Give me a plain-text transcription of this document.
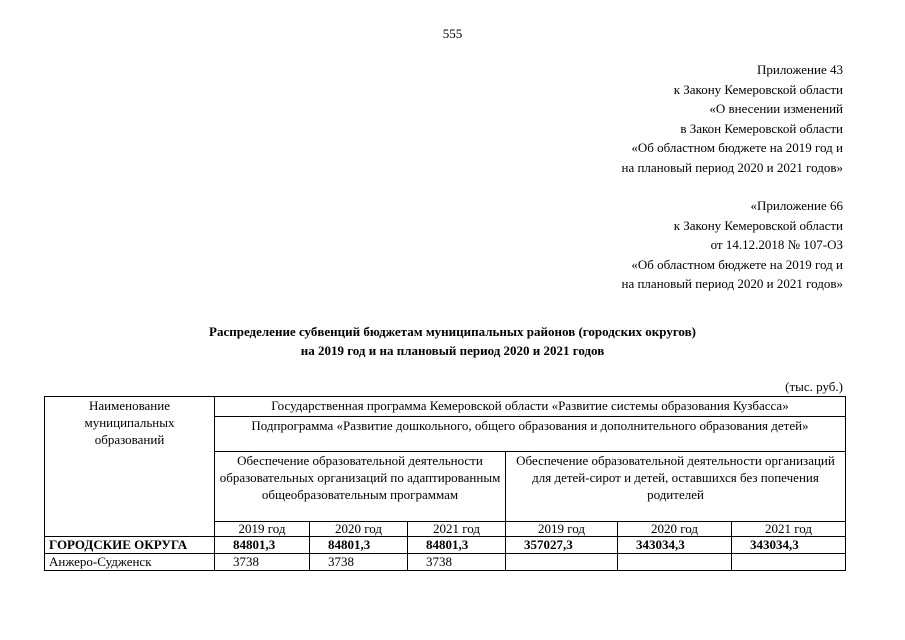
555
Приложение 43
к Закону Кемеровской области
«О внесении изменений
в Закон Кемеровской области
«Об областном бюджете на 2019 год и
на плановый период 2020 и 2021 годов»
«Приложение 66
к Закону Кемеровской области
от 14.12.2018 № 107-ОЗ
«Об областном бюджете на 2019 год и
на плановый период 2020 и 2021 годов»
Распределение субвенций бюджетам муниципальных районов (городских округов)
на 2019 год и на плановый период 2020 и 2021 годов
(тыс. руб.)
Наименование муниципальных образований	Государственная программа Кемеровской области «Развитие системы образования Кузбасса»					
	Подпрограмма «Развитие дошкольного, общего образования и дополнительного образования детей»					
	Обеспечение образовательной деятельности образовательных организаций по адаптированным общеобразовательным программам			Обеспечение образовательной деятельности организаций для детей-сирот и детей, оставшихся без попечения родителей		
	2019 год	2020 год	2021 год	2019 год	2020 год	2021 год
ГОРОДСКИЕ ОКРУГА	84801,3	84801,3	84801,3	357027,3	343034,3	343034,3
Анжеро-Судженск	3738	3738	3738			
